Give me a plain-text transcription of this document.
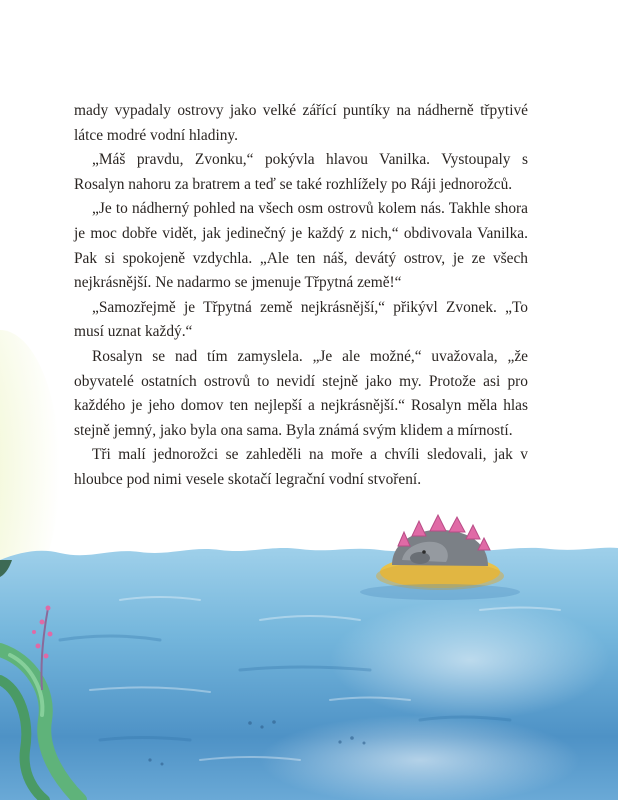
mady vypadaly ostrovy jako velké zářící puntíky na nádherně třpytivé látce modré vodní hladiny.

„Máš pravdu, Zvonku,“ pokývla hlavou Vanilka. Vystoupaly s Rosalyn nahoru za bratrem a teď se také rozhlížely po Ráji jednorožců.

„Je to nádherný pohled na všech osm ostrovů kolem nás. Takhle shora je moc dobře vidět, jak jedinečný je každý z nich,“ obdivovala Vanilka. Pak si spokojeně vzdychla. „Ale ten náš, devátý ostrov, je ze všech nejkrásnější. Ne nadarmo se jmenuje Třpytná země!“

„Samozřejmě je Třpytná země nejkrásnější,“ přikývl Zvonek. „To musí uznat každý.“

Rosalyn se nad tím zamyslela. „Je ale možné,“ uvažovala, „že obyvatelé ostatních ostrovů to nevidí stejně jako my. Protože asi pro každého je jeho domov ten nejlepší a nejkrásnější.“ Rosalyn měla hlas stejně jemný, jako byla ona sama. Byla známá svým klidem a mírností.

Tři malí jednorožci se zahleděli na moře a chvíli sledovali, jak v hloubce pod nimi vesele skotačí legrační vodní stvoření.
